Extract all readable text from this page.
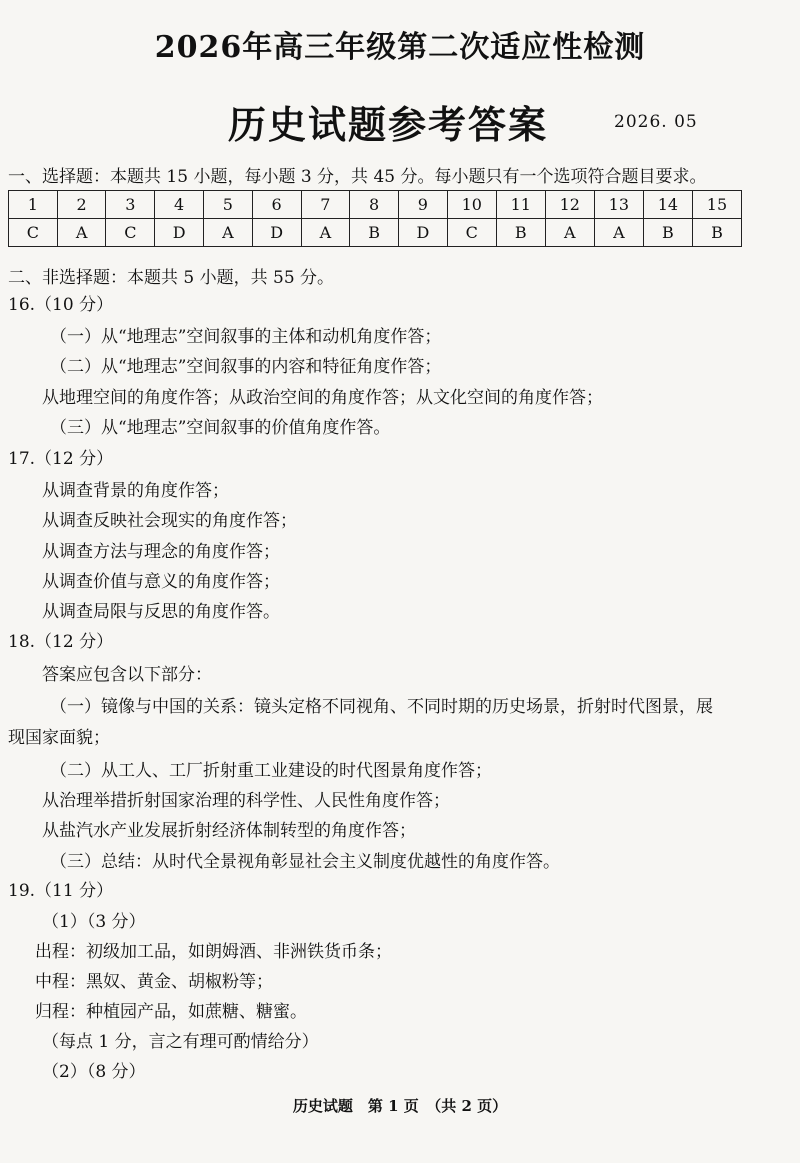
2026年高三年级第二次适应性检测
历史试题参考答案	2026. 05
一、选择题：本题共 15 小题，每小题 3 分，共 45 分。每小题只有一个选项符合题目要求。
1	2	3	4	5	6	7	8	9	10	11	12	13	14	15
C	A	C	D	A	D	A	B	D	C	B	A	A	B	B
二、非选择题：本题共 5 小题，共 55 分。
16.（10 分）
（一）从“地理志”空间叙事的主体和动机角度作答；
（二）从“地理志”空间叙事的内容和特征角度作答；
从地理空间的角度作答；从政治空间的角度作答；从文化空间的角度作答；
（三）从“地理志”空间叙事的价值角度作答。
17.（12 分）
从调查背景的角度作答；
从调查反映社会现实的角度作答；
从调查方法与理念的角度作答；
从调查价值与意义的角度作答；
从调查局限与反思的角度作答。
18.（12 分）
答案应包含以下部分：
（一）镜像与中国的关系：镜头定格不同视角、不同时期的历史场景，折射时代图景，展
现国家面貌；
（二）从工人、工厂折射重工业建设的时代图景角度作答；
从治理举措折射国家治理的科学性、人民性角度作答；
从盐汽水产业发展折射经济体制转型的角度作答；
（三）总结：从时代全景视角彰显社会主义制度优越性的角度作答。
19.（11 分）
（1）（3 分）
出程：初级加工品，如朗姆酒、非洲铁货币条；
中程：黑奴、黄金、胡椒粉等；
归程：种植园产品，如蔗糖、糖蜜。
（每点 1 分，言之有理可酌情给分）
（2）（8 分）
历史试题　第 1 页　（共 2 页）
